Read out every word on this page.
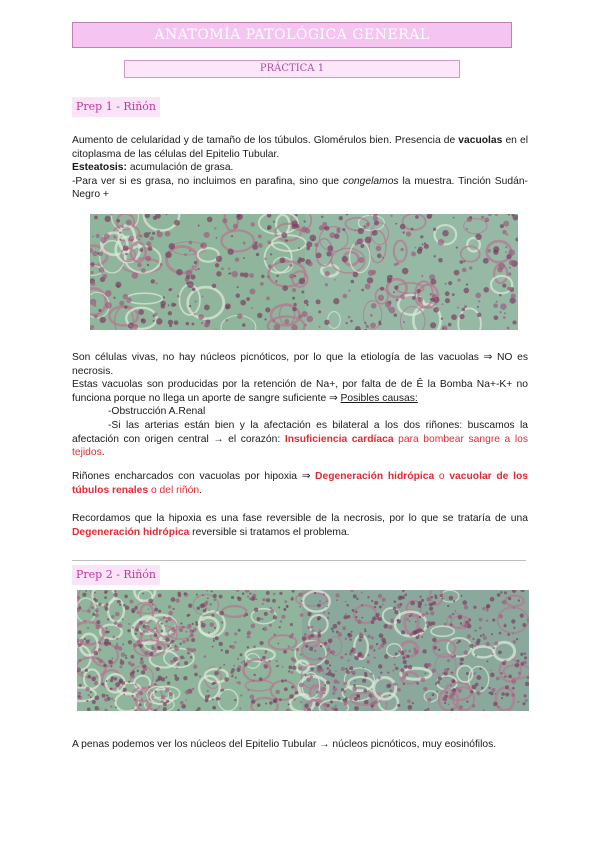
ANATOMÍA PATOLÓGICA GENERAL
PRÁCTICA 1
Prep 1 - Riñón

Aumento de celularidad y de tamaño de los túbulos. Glomérulos bien. Presencia de vacuolas en el citoplasma de las células del Epitelio Tubular.
Esteatosis: acumulación de grasa.
-Para ver si es grasa, no incluimos en parafina, sino que congelamos la muestra. Tinción Sudán-Negro +

Son células vivas, no hay núcleos picnóticos, por lo que la etiología de las vacuolas ⇒ NO es necrosis.
Estas vacuolas son producidas por la retención de Na+, por falta de de Ê la Bomba Na+-K+ no funciona porque no llega un aporte de sangre suficiente ⇒ Posibles causas:

-Obstrucción A.Renal

-Si las arterias están bien y la afectación es bilateral a los dos riñones: buscamos la afectación con origen central → el corazón: Insuficiencia cardíaca para bombear sangre a los tejidos.

Riñones encharcados con vacuolas por hipoxia ⇒ Degeneración hidrópica o vacuolar de los túbulos renales o del riñón.

Recordamos que la hipoxia es una fase reversible de la necrosis, por lo que se trataría de una Degeneración hidrópica reversible si tratamos el problema.

Prep 2 - Riñón

A penas podemos ver los núcleos del Epitelio Tubular → núcleos picnóticos, muy eosinófilos.
